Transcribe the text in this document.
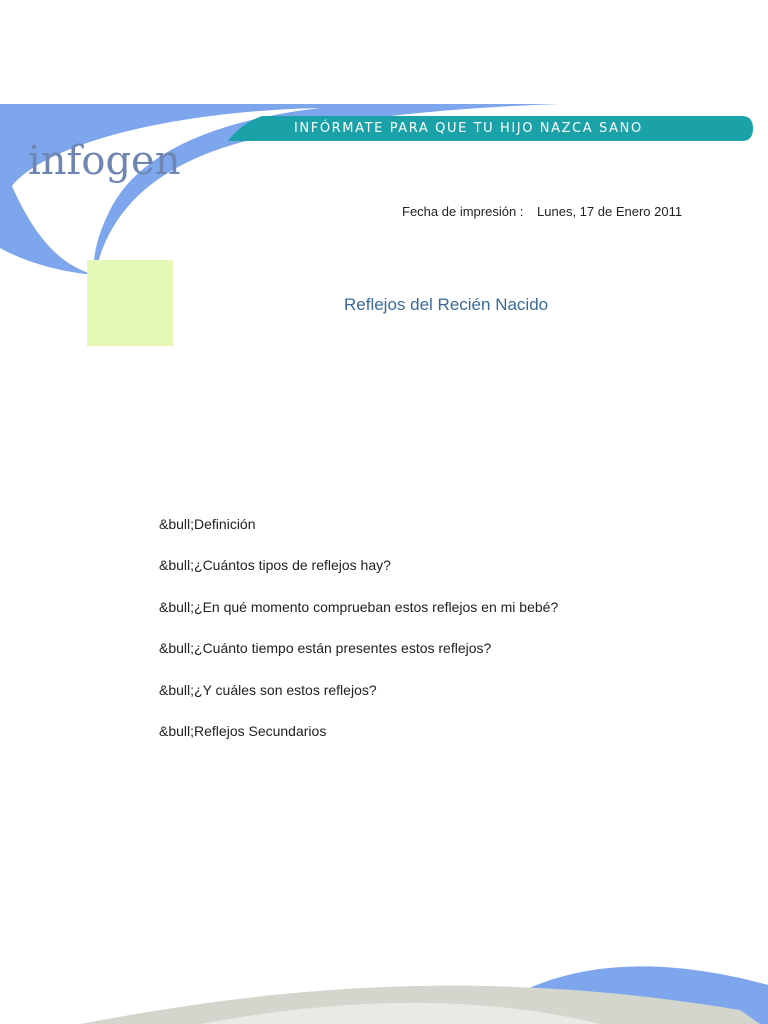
INFÓRMATE PARA QUE TU HIJO NAZCA SANO
infogen
Fecha de impresión : Lunes, 17 de Enero 2011
Reflejos del Recién Nacido
&bull;Definición
&bull;¿Cuántos tipos de reflejos hay?
&bull;¿En qué momento comprueban estos reflejos en mi bebé?
&bull;¿Cuánto tiempo están presentes estos reflejos?
&bull;¿Y cuáles son estos reflejos?
&bull;Reflejos Secundarios
